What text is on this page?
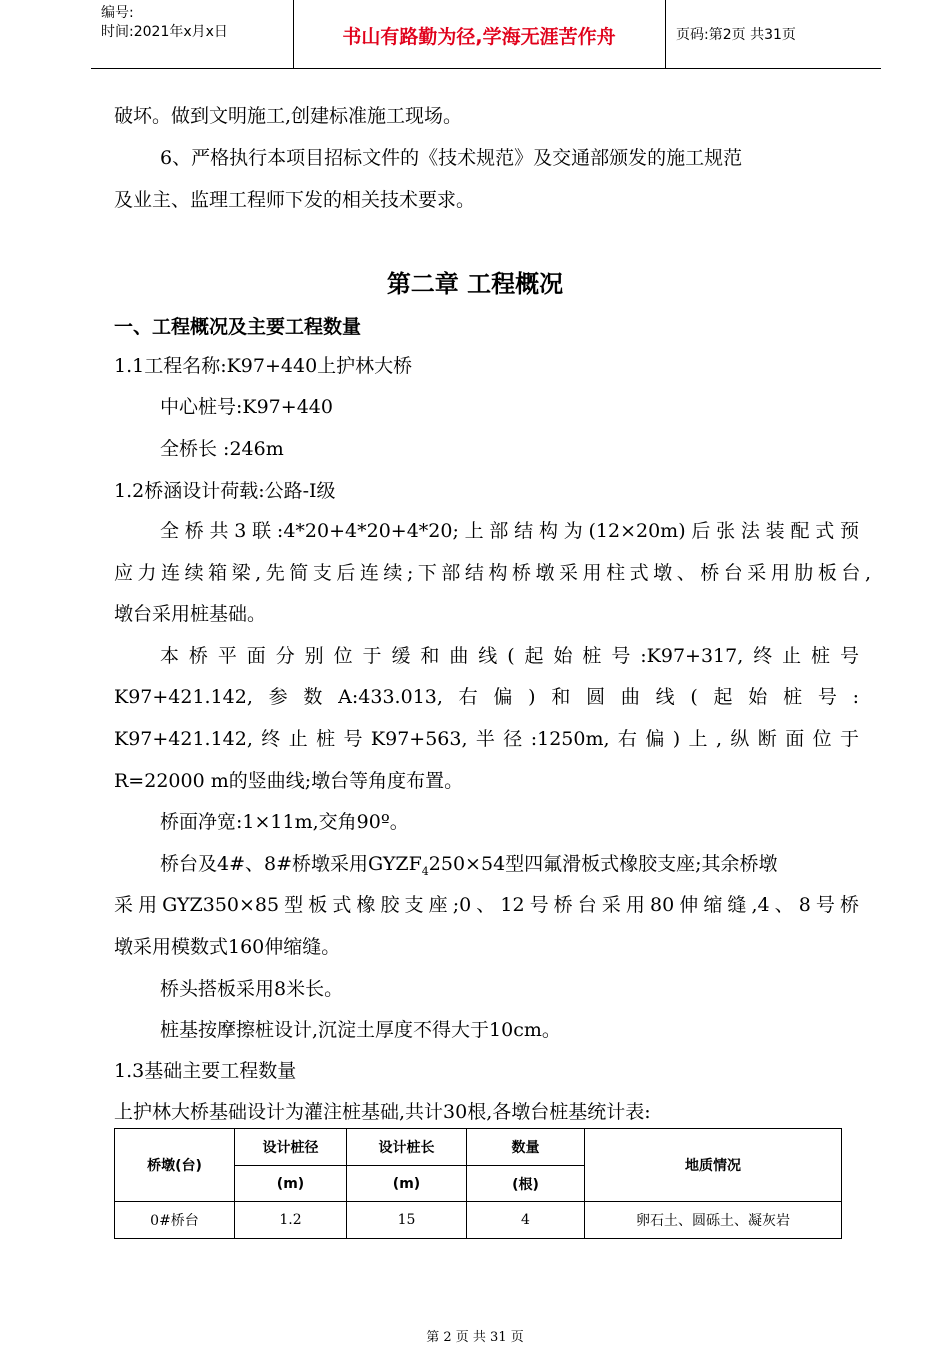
编号:
时间:2021年x月x日	书山有路勤为径,学海无涯苦作舟	页码:第2页 共31页
破坏。做到文明施工,创建标准施工现场。
6、严格执行本项目招标文件的《技术规范》及交通部颁发的施工规范
及业主、监理工程师下发的相关技术要求。
第二章 工程概况
一、工程概况及主要工程数量
1.1工程名称:K97+440上护林大桥
中心桩号:K97+440
全桥长 :246m
1.2桥涵设计荷载:公路-I级
全桥共3联:4*20+4*20+4*20;上部结构为(12×20m)后张法装配式预
应力连续箱梁,先简支后连续;下部结构桥墩采用柱式墩、桥台采用肋板台,
墩台采用桩基础。
本桥平面分别位于缓和曲线(起始桩号:K97+317,终止桩号
K97+421.142,参数A:433.013,右偏)和圆曲线(起始桩号:
K97+421.142,终止桩号K97+563,半径:1250m,右偏)上,纵断面位于
R=22000 m的竖曲线;墩台等角度布置。
桥面净宽:1×11m,交角90º。
桥台及4#、8#桥墩采用$GYZF_4250\times 54$型四氟滑板式橡胶支座;其余桥墩
采用GYZ350×85型板式橡胶支座;0、12号桥台采用80伸缩缝,4、8号桥
墩采用模数式160伸缩缝。
桥头搭板采用8米长。
桩基按摩擦桩设计,沉淀土厚度不得大于10cm。
1.3基础主要工程数量
上护林大桥基础设计为灌注桩基础,共计30根,各墩台桩基统计表:
桥墩(台)	设计桩径	设计桩长	数量	地质情况
	(m)	(m)	(根)	
0#桥台	1.2	15	4	卵石土、圆砾土、凝灰岩
第 2 页 共 31 页
